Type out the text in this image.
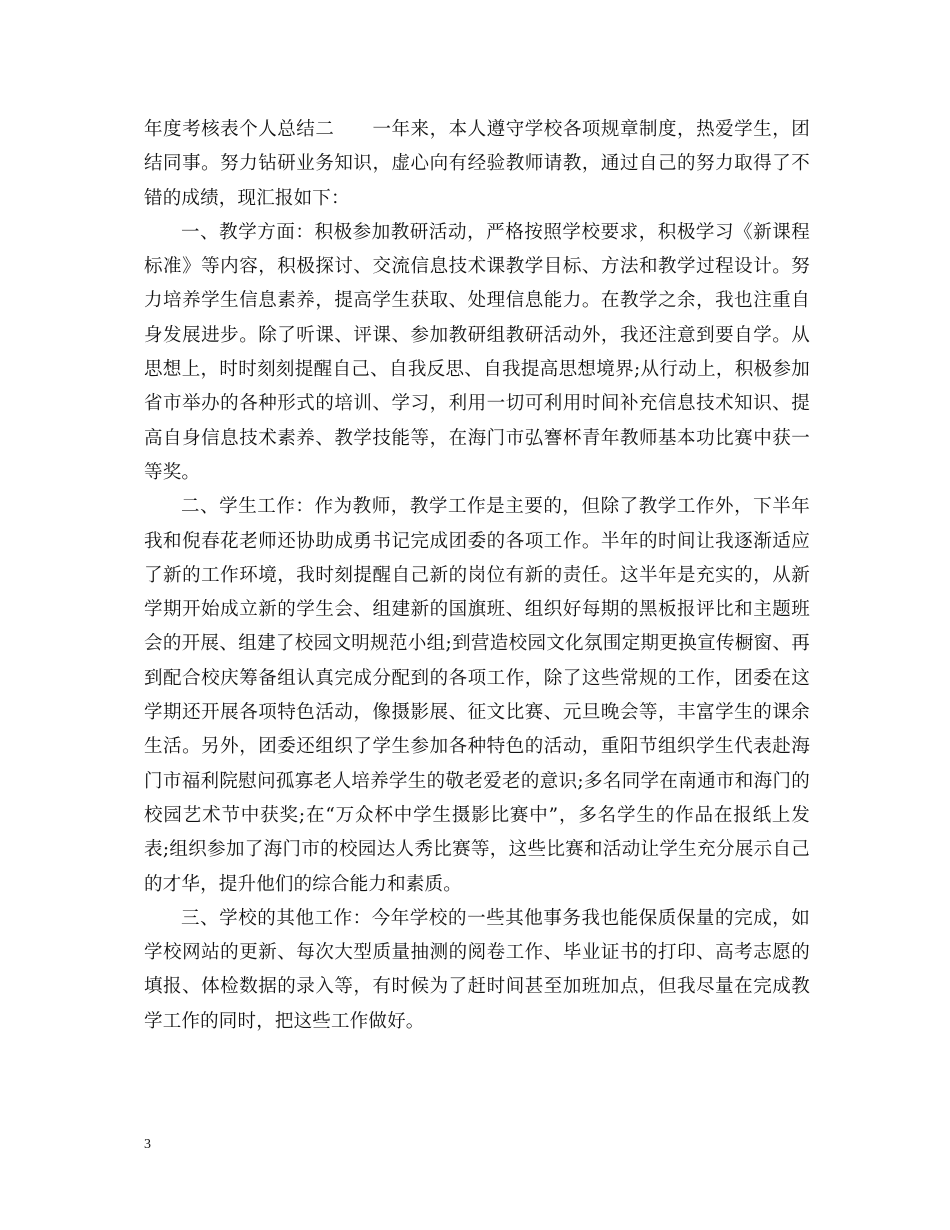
年度考核表个人总结二　　一年来，本人遵守学校各项规章制度，热爱学生，团结同事。努力钻研业务知识，虚心向有经验教师请教，通过自己的努力取得了不错的成绩，现汇报如下：

一、教学方面：积极参加教研活动，严格按照学校要求，积极学习《新课程标准》等内容，积极探讨、交流信息技术课教学目标、方法和教学过程设计。努力培养学生信息素养，提高学生获取、处理信息能力。在教学之余，我也注重自身发展进步。除了听课、评课、参加教研组教研活动外，我还注意到要自学。从思想上，时时刻刻提醒自己、自我反思、自我提高思想境界;从行动上，积极参加省市举办的各种形式的培训、学习，利用一切可利用时间补充信息技术知识、提高自身信息技术素养、教学技能等，在海门市弘謇杯青年教师基本功比赛中获一等奖。

二、学生工作：作为教师，教学工作是主要的，但除了教学工作外，下半年我和倪春花老师还协助成勇书记完成团委的各项工作。半年的时间让我逐渐适应了新的工作环境，我时刻提醒自己新的岗位有新的责任。这半年是充实的，从新学期开始成立新的学生会、组建新的国旗班、组织好每期的黑板报评比和主题班会的开展、组建了校园文明规范小组;到营造校园文化氛围定期更换宣传橱窗、再到配合校庆筹备组认真完成分配到的各项工作，除了这些常规的工作，团委在这学期还开展各项特色活动，像摄影展、征文比赛、元旦晚会等，丰富学生的课余生活。另外，团委还组织了学生参加各种特色的活动，重阳节组织学生代表赴海门市福利院慰问孤寡老人培养学生的敬老爱老的意识;多名同学在南通市和海门的校园艺术节中获奖;在“万众杯中学生摄影比赛中”，多名学生的作品在报纸上发表;组织参加了海门市的校园达人秀比赛等，这些比赛和活动让学生充分展示自己的才华，提升他们的综合能力和素质。

三、学校的其他工作：今年学校的一些其他事务我也能保质保量的完成，如学校网站的更新、每次大型质量抽测的阅卷工作、毕业证书的打印、高考志愿的填报、体检数据的录入等，有时候为了赶时间甚至加班加点，但我尽量在完成教学工作的同时，把这些工作做好。

3
